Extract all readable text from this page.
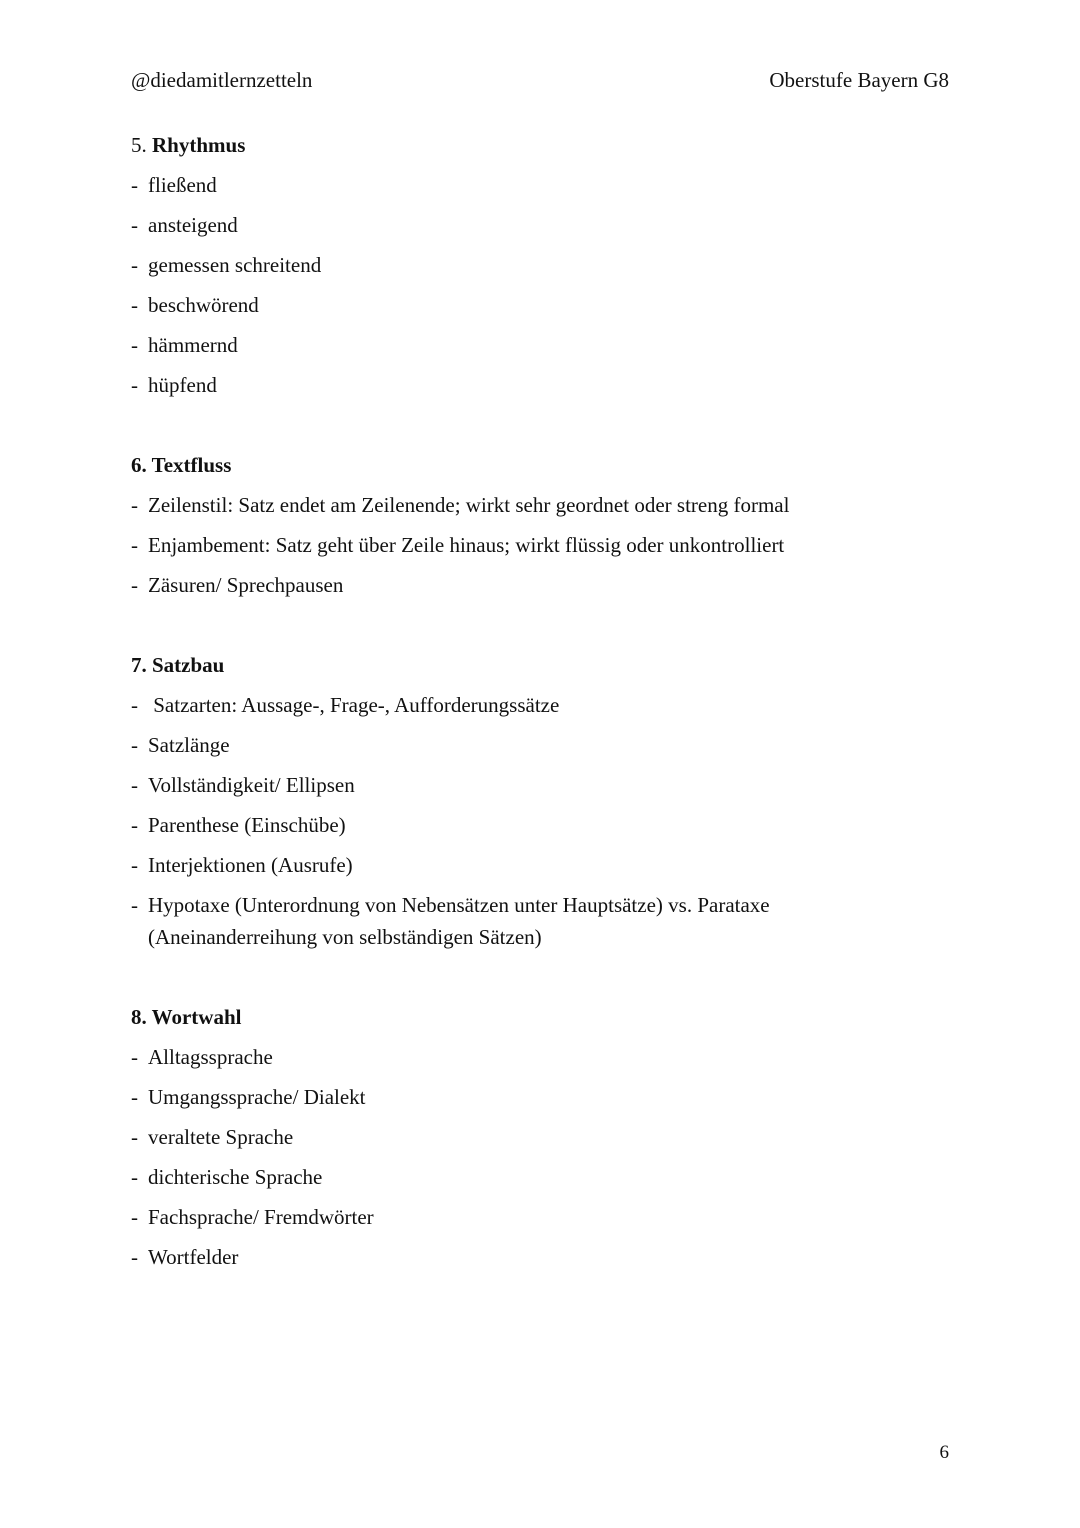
@diedamitlernzetteln	Oberstufe Bayern G8
5. Rhythmus
- fließend
- ansteigend
- gemessen schreitend
- beschwörend
- hämmernd
- hüpfend
6. Textfluss
- Zeilenstil: Satz endet am Zeilenende; wirkt sehr geordnet oder streng formal
- Enjambement: Satz geht über Zeile hinaus; wirkt flüssig oder unkontrolliert
- Zäsuren/ Sprechpausen
7. Satzbau
- Satzarten: Aussage-, Frage-, Aufforderungssätze
- Satzlänge
- Vollständigkeit/ Ellipsen
- Parenthese (Einschübe)
- Interjektionen (Ausrufe)
- Hypotaxe (Unterordnung von Nebensätzen unter Hauptsätze) vs. Parataxe (Aneinanderreihung von selbständigen Sätzen)
8. Wortwahl
- Alltagssprache
- Umgangssprache/ Dialekt
- veraltete Sprache
- dichterische Sprache
- Fachsprache/ Fremdwörter
- Wortfelder
6
